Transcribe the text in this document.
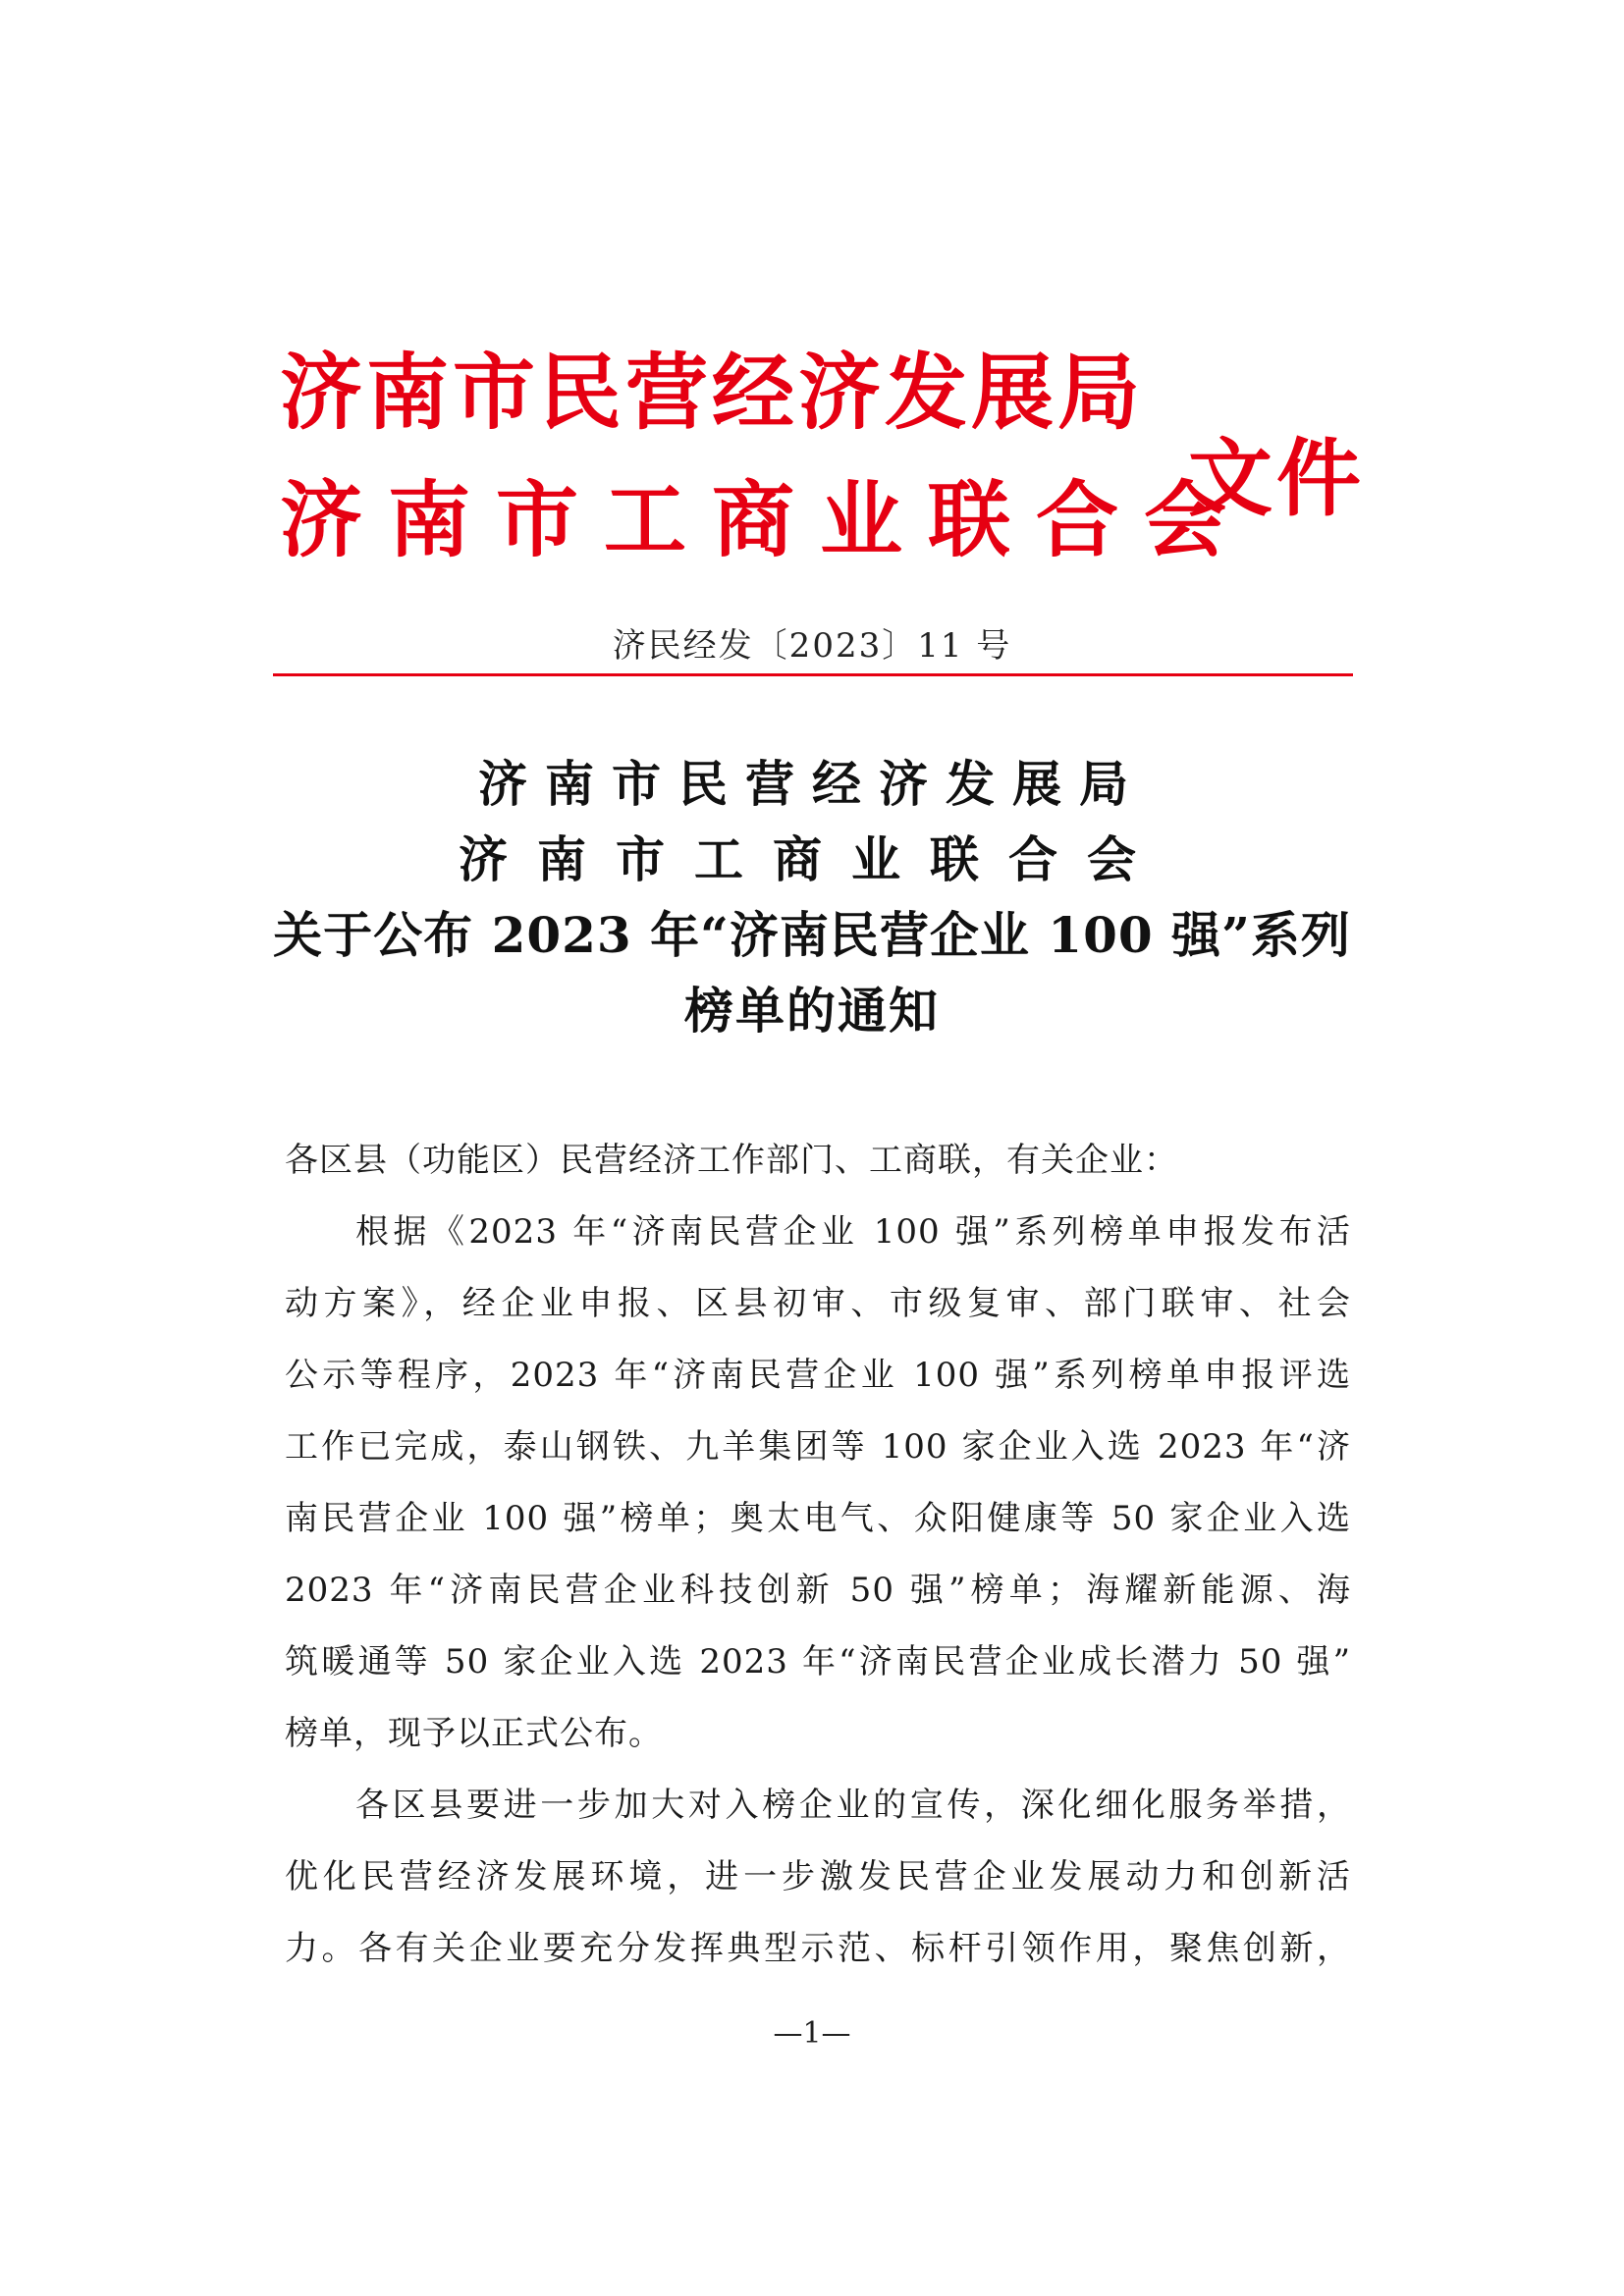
济南市民营经济发展局
济南市工商业联合会
文件
济民经发〔2023〕11 号
济南市民营经济发展局
济南市工商业联合会
关于公布 2023 年“济南民营企业 100 强”系列
榜单的通知
各区县（功能区）民营经济工作部门、工商联，有关企业：
根据《2023 年“济南民营企业 100 强”系列榜单申报发布活
动方案》，经企业申报、区县初审、市级复审、部门联审、社会
公示等程序，2023 年“济南民营企业 100 强”系列榜单申报评选
工作已完成，泰山钢铁、九羊集团等 100 家企业入选 2023 年“济
南民营企业 100 强”榜单；奥太电气、众阳健康等 50 家企业入选
2023 年“济南民营企业科技创新 50 强”榜单；海耀新能源、海
筑暖通等 50 家企业入选 2023 年“济南民营企业成长潜力 50 强”
榜单，现予以正式公布。
各区县要进一步加大对入榜企业的宣传，深化细化服务举措，
优化民营经济发展环境，进一步激发民营企业发展动力和创新活
力。各有关企业要充分发挥典型示范、标杆引领作用，聚焦创新，
—1—
